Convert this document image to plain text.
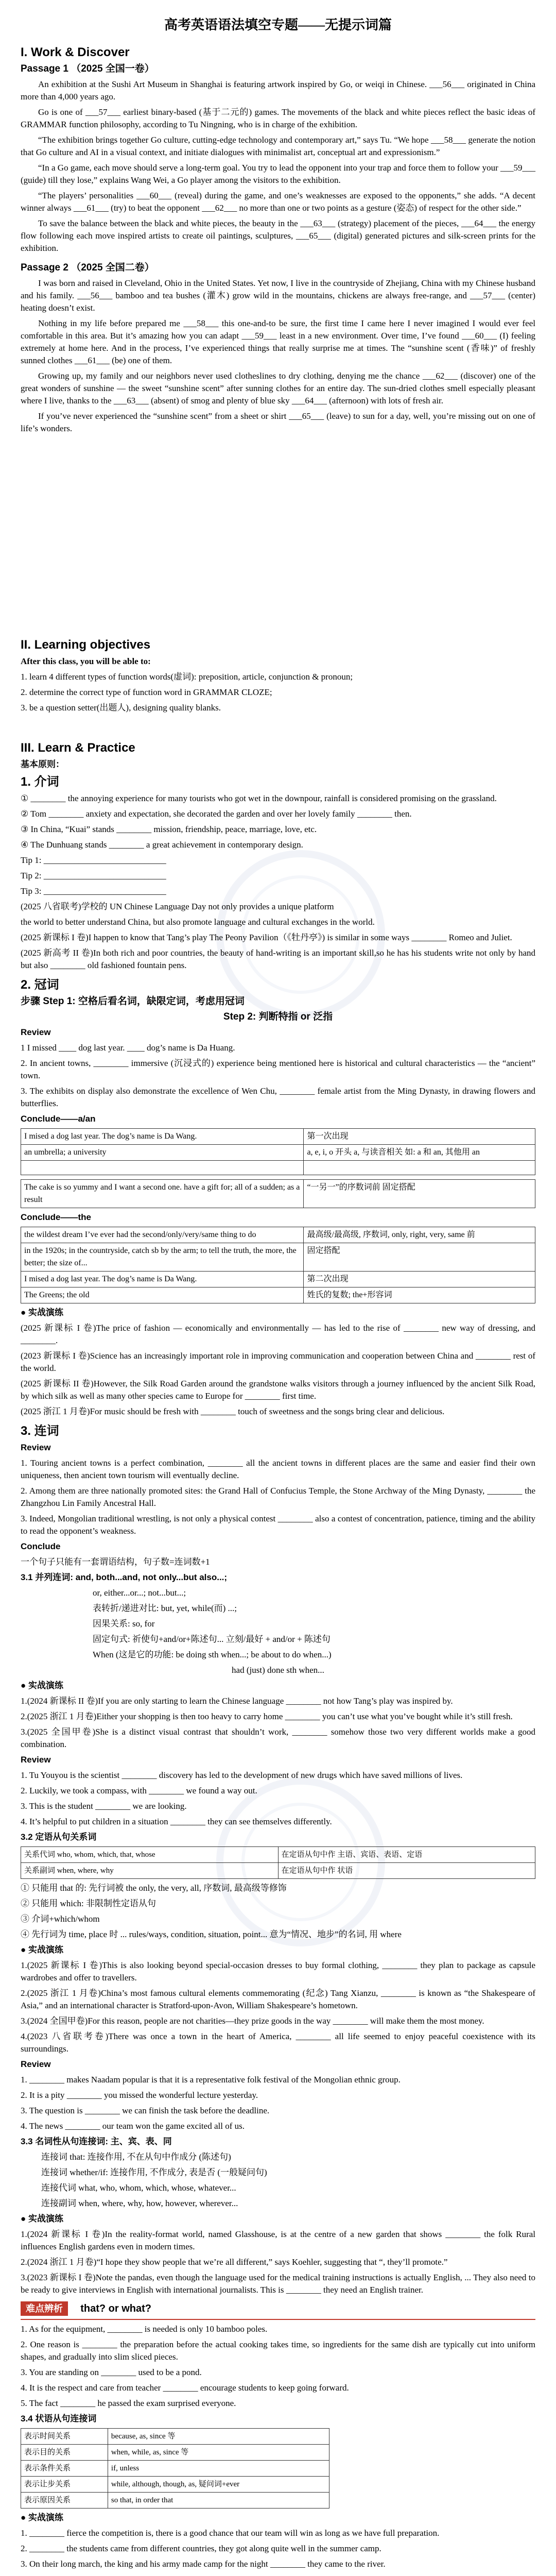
高考英语语法填空专题——无提示词篇
I. Work & Discover
Passage 1 （2025 全国一卷）

An exhibition at the Sushi Art Museum in Shanghai is featuring artwork inspired by Go, or weiqi in Chinese. ___56___ originated in China more than 4,000 years ago.

Go is one of ___57___ earliest binary-based (基于二元的) games. The movements of the black and white pieces reflect the basic ideas of GRAMMAR function philosophy, according to Tu Ningning, who is in charge of the exhibition.

“The exhibition brings together Go culture, cutting-edge technology and contemporary art,” says Tu. “We hope ___58___ generate the notion that Go culture and AI in a visual context, and initiate dialogues with minimalist art, conceptual art and expressionism.”

“In a Go game, each move should serve a long-term goal. You try to lead the opponent into your trap and force them to follow your ___59___ (guide) till they lose,” explains Wang Wei, a Go player among the visitors to the exhibition.

“The players’ personalities ___60___ (reveal) during the game, and one’s weaknesses are exposed to the opponents,” she adds. “A decent winner always ___61___ (try) to beat the opponent ___62___ no more than one or two points as a gesture (姿态) of respect for the other side.”

To save the balance between the black and white pieces, the beauty in the ___63___ (strategy) placement of the pieces, ___64___ the energy flow following each move inspired artists to create oil paintings, sculptures, ___65___ (digital) generated pictures and silk-screen prints for the exhibition.

Passage 2 （2025 全国二卷）

I was born and raised in Cleveland, Ohio in the United States. Yet now, I live in the countryside of Zhejiang, China with my Chinese husband and his family. ___56___ bamboo and tea bushes (灌木) grow wild in the mountains, chickens are always free-range, and ___57___ (center) heating doesn’t exist.

Nothing in my life before prepared me ___58___ this one-and-to be sure, the first time I came here I never imagined I would ever feel comfortable in this area. But it’s amazing how you can adapt ___59___ least in a new environment. Over time, I’ve found ___60___ (I) feeling extremely at home here. And in the process, I’ve experienced things that really surprise me at times. The “sunshine scent (香味)” of freshly sunned clothes ___61___ (be) one of them.

Growing up, my family and our neighbors never used clotheslines to dry clothing, denying me the chance ___62___ (discover) one of the great wonders of sunshine — the sweet “sunshine scent” after sunning clothes for an entire day. The sun-dried clothes smell especially pleasant where I live, thanks to the ___63___ (absent) of smog and plenty of blue sky ___64___ (afternoon) with lots of fresh air.

If you’ve never experienced the “sunshine scent” from a sheet or shirt ___65___ (leave) to sun for a day, well, you’re missing out on one of life’s wonders.

II. Learning objectives

After this class, you will be able to:

1. learn 4 different types of function words(虚词): preposition, article, conjunction & pronoun;

2. determine the correct type of function word in GRAMMAR CLOZE;

3. be a question setter(出题人), designing quality blanks.

III. Learn & Practice

基本原则：

1. 介词

① ________ the annoying experience for many tourists who got wet in the downpour, rainfall is considered promising on the grassland.

② Tom ________ anxiety and expectation, she decorated the garden and over her lovely family ________ then.

③ In China, “Kuai” stands ________ mission, friendship, peace, marriage, love, etc.

④ The Dunhuang stands ________ a great achievement in contemporary design.

Tip 1: ____________________________

Tip 2: ____________________________

Tip 3: ____________________________

(2025 八省联考)学校的 UN Chinese Language Day not only provides a unique platform

the world to better understand China, but also promote language and cultural exchanges in the world.

(2025 新课标 I 卷)I happen to know that Tang’s play The Peony Pavilion（《牡丹亭》) is similar in some ways ________ Romeo and Juliet.

(2025 新高考 II 卷)In both rich and poor countries, the beauty of hand-writing is an important skill,so he has his students write not only by hand but also ________ old fashioned fountain pens.

2. 冠词

步骤 Step 1: 空格后看名词，缺限定词，考虑用冠词

Step 2: 判断特指 or 泛指

Review

1 I missed ____ dog last year. ____ dog’s name is Da Huang.

2. In ancient towns, ________ immersive (沉浸式的) experience being mentioned here is historical and cultural characteristics — the “ancient” town.

3. The exhibits on display also demonstrate the excellence of Wen Chu, ________ female artist from the Ming Dynasty, in drawing flowers and butterflies.

Conclude——a/an

I mised a dog last year. The dog’s name is Da Wang.	第一次出现
an umbrella; a university	a, e, i, o 开头 a, 与读音相关 如: a 和 an, 其他用 an

The cake is so yummy and I want a second one. have a gift for; all of a sudden; as a result	“一另一”的序数词前 固定搭配

Conclude——the

the wildest dream I’ve ever had the second/only/very/same thing to do	最高级/最高级, 序数词, only, right, very, same 前
in the 1920s; in the countryside, catch sb by the arm; to tell the truth, the more, the better; the size of...	固定搭配
I mised a dog last year. The dog’s name is Da Wang.	第二次出现
The Greens; the old	姓氏的复数; the+形容词

● 实战演练

(2025 新课标 I 卷)The price of fashion — economically and environmentally — has led to the rise of ________ new way of dressing, and ________.

(2023 新课标 I 卷)Science has an increasingly important role in improving communication and cooperation between China and ________ rest of the world.

(2025 新课标 II 卷)However, the Silk Road Garden around the grandstone walks visitors through a journey influenced by the ancient Silk Road, by which silk as well as many other species came to Europe for ________ first time.

(2025 浙江 1 月卷)For music should be fresh with ________ touch of sweetness and the songs bring clear and delicious.

3. 连词

Review

1. Touring ancient towns is a perfect combination, ________ all the ancient towns in different places are the same and easier find their own uniqueness, then ancient town tourism will eventually decline.

2. Among them are three nationally promoted sites: the Grand Hall of Confucius Temple, the Stone Archway of the Ming Dynasty, ________ the Zhangzhou Lin Family Ancestral Hall.

3. Indeed, Mongolian traditional wrestling, is not only a physical contest ________ also a contest of concentration, patience, timing and the ability to read the opponent’s weakness.

Conclude

一个句子只能有一套谓语结构，句子数=连词数+1

3.1 并列连词: and, both...and, not only...but also...;

or, either...or...; not...but...;

表转折/递进对比: but, yet, while(而) ...;

因果关系: so, for

固定句式: 祈使句+and/or+陈述句... 立刻/最好 + and/or + 陈述句

When (这是它的功能: be doing sth when...; be about to do when...)

had (just) done sth when...

● 实战演练

1.(2024 新课标 II 卷)If you are only starting to learn the Chinese language ________ not how Tang’s play was inspired by.

2.(2025 浙江 1 月卷)Either your shopping is then too heavy to carry home ________ you can’t use what you’ve bought while it’s still fresh.

3.(2025 全国甲卷)She is a distinct visual contrast that shouldn’t work, ________ somehow those two very different worlds make a good combination.

Review

1. Tu Youyou is the scientist ________ discovery has led to the development of new drugs which have saved millions of lives.

2. Luckily, we took a compass, with ________ we found a way out.

3. This is the student ________ we are looking.

4. It’s helpful to put children in a situation ________ they can see themselves differently.

3.2 定语从句关系词

关系代词 who, whom, which, that, whose	在定语从句中作 主语、宾语、表语、定语
关系副词 when, where, why	在定语从句中作 状语

① 只能用 that 的: 先行词被 the only, the very, all, 序数词, 最高级等修饰

② 只能用 which: 非限制性定语从句

③ 介词+which/whom

④ 先行词为 time, place 时 ... rules/ways, condition, situation, point... 意为“情况、地步”的名词, 用 where

● 实战演练

1.(2025 新课标 I 卷)This is also looking beyond special-occasion dresses to buy formal clothing, ________ they plan to package as capsule wardrobes and offer to travellers.

2.(2025 浙江 1 月卷)China’s most famous cultural elements commemorating (纪念) Tang Xianzu, ________ is known as “the Shakespeare of Asia,” and an international character is Stratford-upon-Avon, William Shakespeare’s hometown.

3.(2024 全国甲卷)For this reason, people are not charities—they prize goods in the way ________ will make them the most money.

4.(2023 八省联考卷)There was once a town in the heart of America, ________ all life seemed to enjoy peaceful coexistence with its surroundings.

Review

1. ________ makes Naadam popular is that it is a representative folk festival of the Mongolian ethnic group.

2. It is a pity ________ you missed the wonderful lecture yesterday.

3. The question is ________ we can finish the task before the deadline.

4. The news ________ our team won the game excited all of us.

3.3 名词性从句连接词: 主、宾、表、同

连接词 that: 连接作用, 不在从句中作成分 (陈述句)

连接词 whether/if: 连接作用, 不作成分, 表是否 (一般疑问句)

连接代词 what, who, whom, which, whose, whatever...

连接副词 when, where, why, how, however, wherever...

● 实战演练

1.(2024 新课标 I 卷)In the reality-format world, named Glasshouse, is at the centre of a new garden that shows ________ the folk Rural influences English gardens even in modern times.

2.(2024 浙江 1 月卷)“I hope they show people that we’re all different,” says Koehler, suggesting that “, they’ll promote.”

3.(2023 新课标 I 卷)Note the pandas, even though the language used for the medical training instructions is actually English, ... They also need to be ready to give interviews in English with international journalists. This is ________ they need an English trainer.

难点辨析 that? or what?

1. As for the equipment, ________ is needed is only 10 bamboo poles.

2. One reason is ________ the preparation before the actual cooking takes time, so ingredients for the same dish are typically cut into uniform shapes, and gradually into slim sliced pieces.

3. You are standing on ________ used to be a pond.

4. It is the respect and care from teacher ________ encourage students to keep going forward.

5. The fact ________ he passed the exam surprised everyone.

3.4 状语从句连接词

表示时间关系	because, as, since 等
表示目的关系	when, while, as, since 等
表示条件关系	if, unless
表示让步关系	while, although, though, as, 疑问词+ever
表示原因关系	so that, in order that

● 实战演练

1. ________ fierce the competition is, there is a good chance that our team will win as long as we have full preparation.

2. ________ the students came from different countries, they got along quite well in the summer camp.

3. On their long march, the king and his army made camp for the night ________ they came to the river.
